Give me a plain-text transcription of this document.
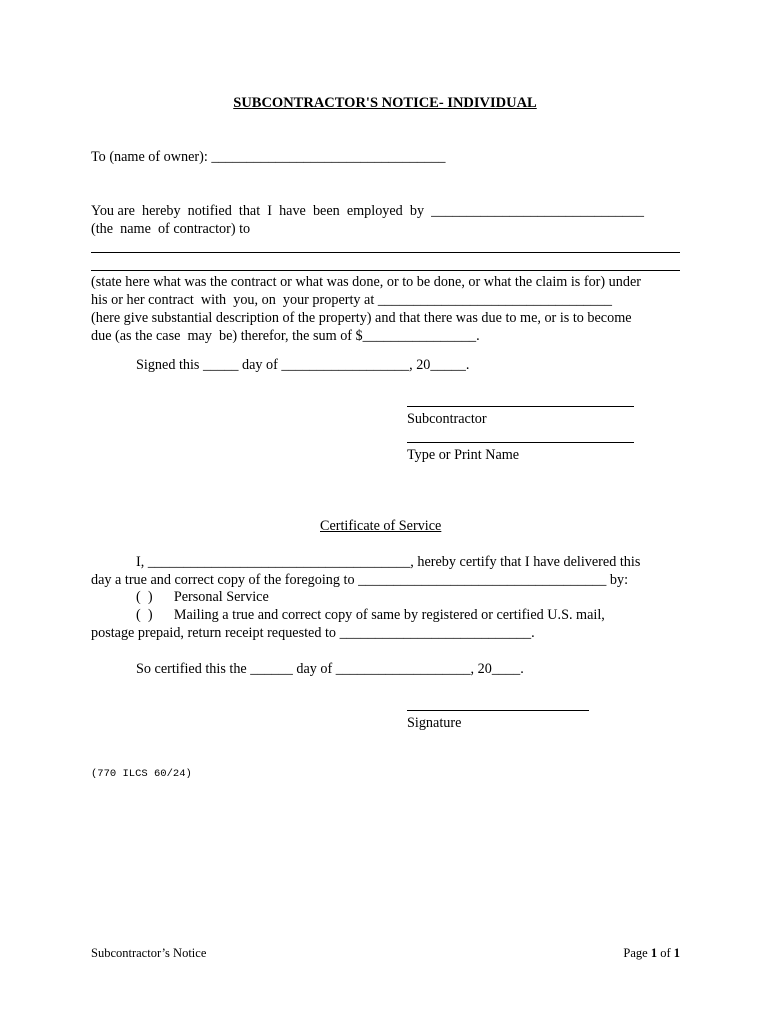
SUBCONTRACTOR'S NOTICE- INDIVIDUAL
To (name of owner): _________________________________
You are  hereby  notified  that  I  have  been  employed  by  ______________________________
(the  name  of contractor) to
(state here what was the contract or what was done, or to be done, or what the claim is for) under
his or her contract  with  you, on  your property at _________________________________
(here give substantial description of the property) and that there was due to me, or is to become
due (as the case  may  be) therefor, the sum of $________________.
Signed this _____ day of __________________, 20_____.
Subcontractor
Type or Print Name
Certificate of Service
I, _____________________________________, hereby certify that I have delivered this
day a true and correct copy of the foregoing to ___________________________________ by:
(  )      Personal Service
(  )      Mailing a true and correct copy of same by registered or certified U.S. mail,
postage prepaid, return receipt requested to ___________________________.
So certified this the ______ day of ___________________, 20____.
Signature
(770 ILCS 60/24)
Subcontractor’s Notice	Page 1 of 1
